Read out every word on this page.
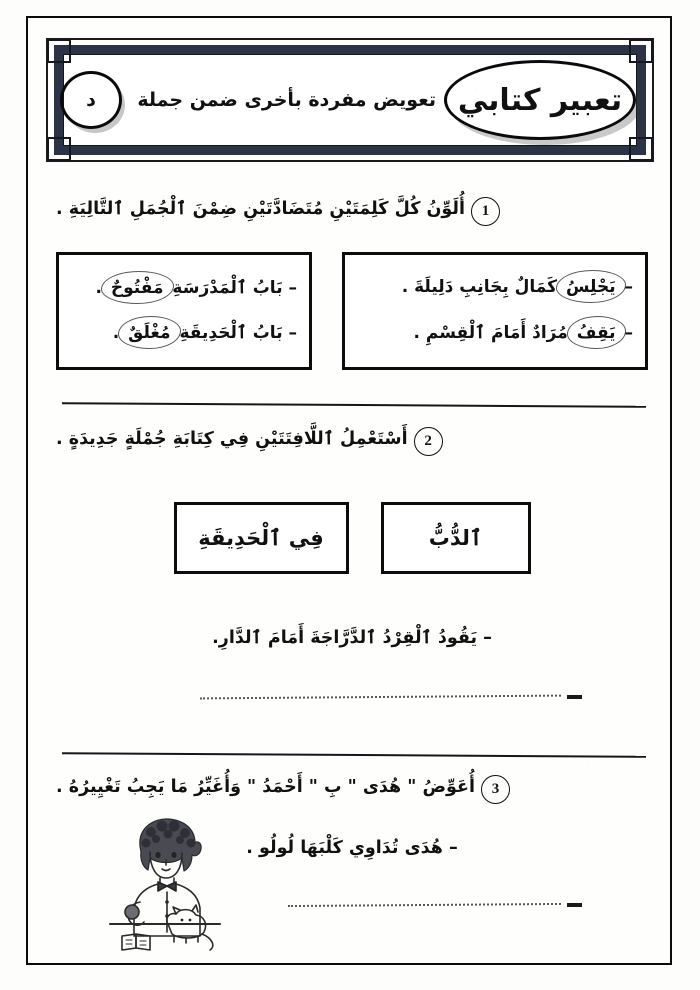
تعبير كتابي
تعويض مفردة بأخرى ضمن جملة
د
1
أُلَوِّنُ كُلَّ كَلِمَتَيْنِ مُتَضَادَّتَيْنِ ضِمْنَ ٱلْجُمَلِ ٱلتَّالِيَةِ .
– يَجْلِسُ كَمَالٌ بِجَانِبِ دَلِيلَةَ .
– يَقِفُ مُرَادٌ أَمَامَ ٱلْقِسْمِ .
– بَابُ ٱلْمَدْرَسَةِ مَفْتُوحٌ .
– بَابُ ٱلْحَدِيقَةِ مُغْلَقٌ .
2
أَسْتَعْمِلُ ٱللَّافِتَتَيْنِ فِي كِتَابَةِ جُمْلَةٍ جَدِيدَةٍ .
فِي ٱلْحَدِيقَةِ	ٱلدُّبُّ
– يَقُودُ ٱلْقِرْدُ ٱلدَّرَّاجَةَ أَمَامَ ٱلدَّارِ.
3
أُعَوِّضُ " هُدَى " بِ " أَحْمَدُ " وَأُغَيِّرُ مَا يَجِبُ تَغْيِيرُهُ .
– هُدَى تُدَاوِي كَلْبَهَا لُولُو .
